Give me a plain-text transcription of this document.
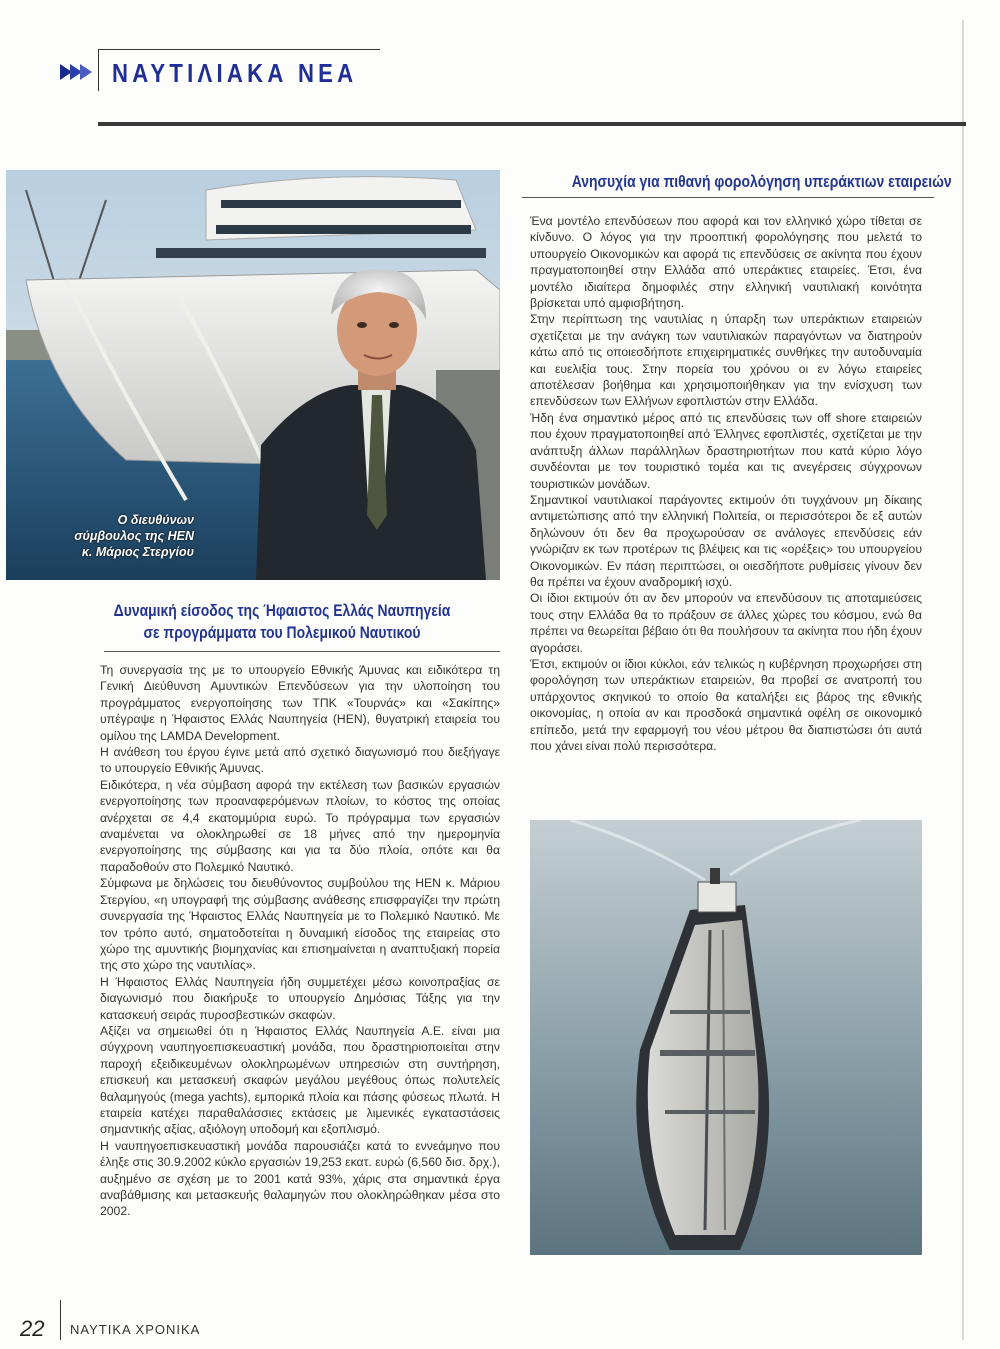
ΝΑΥΤΙΛΙΑΚΑ ΝΕΑ
Ο διευθύνων
σύμβουλος της HEN
κ. Μάριος Στεργίου
Δυναμική είσοδος της Ήφαιστος Ελλάς Ναυπηγεία
σε προγράμματα του Πολεμικού Ναυτικού

Τη συνεργασία της με το υπουργείο Εθνικής Άμυνας και ειδικότερα τη Γενική Διεύθυνση Αμυντικών Επενδύσεων για την υλοποίηση του προγράμματος ενεργοποίησης των ΤΠΚ «Τουρνάς» και «Σακίπης» υπέγραψε η Ήφαιστος Ελλάς Ναυπηγεία (HEN), θυγατρική εταιρεία του ομίλου της LAMDA Development.

Η ανάθεση του έργου έγινε μετά από σχετικό διαγωνισμό που διεξήγαγε το υπουργείο Εθνικής Άμυνας.

Ειδικότερα, η νέα σύμβαση αφορά την εκτέλεση των βασικών εργασιών ενεργοποίησης των προαναφερόμενων πλοίων, το κόστος της οποίας ανέρχεται σε 4,4 εκατομμύρια ευρώ. Το πρόγραμμα των εργασιών αναμένεται να ολοκληρωθεί σε 18 μήνες από την ημερομηνία ενεργοποίησης της σύμβασης και για τα δύο πλοία, οπότε και θα παραδοθούν στο Πολεμικό Ναυτικό.

Σύμφωνα με δηλώσεις του διευθύνοντος συμβούλου της HEN κ. Μάριου Στεργίου, «η υπογραφή της σύμβασης ανάθεσης επισφραγίζει την πρώτη συνεργασία της Ήφαιστος Ελλάς Ναυπηγεία με το Πολεμικό Ναυτικό. Με τον τρόπο αυτό, σηματοδοτείται η δυναμική είσοδος της εταιρείας στο χώρο της αμυντικής βιομηχανίας και επισημαίνεται η αναπτυξιακή πορεία της στο χώρο της ναυτιλίας».

Η Ήφαιστος Ελλάς Ναυπηγεία ήδη συμμετέχει μέσω κοινοπραξίας σε διαγωνισμό που διακήρυξε το υπουργείο Δημόσιας Τάξης για την κατασκευή σειράς πυροσβεστικών σκαφών.

Αξίζει να σημειωθεί ότι η Ήφαιστος Ελλάς Ναυπηγεία Α.Ε. είναι μια σύγχρονη ναυπηγοεπισκευαστική μονάδα, που δραστηριοποιείται στην παροχή εξειδικευμένων ολοκληρωμένων υπηρεσιών στη συντήρηση, επισκευή και μετασκευή σκαφών μεγάλου μεγέθους όπως πολυτελείς θαλαμηγούς (mega yachts), εμπορικά πλοία και πάσης φύσεως πλωτά. Η εταιρεία κατέχει παραθαλάσσιες εκτάσεις με λιμενικές εγκαταστάσεις σημαντικής αξίας, αξιόλογη υποδομή και εξοπλισμό.

Η ναυπηγοεπισκευαστική μονάδα παρουσιάζει κατά το εννεάμηνο που έληξε στις 30.9.2002 κύκλο εργασιών 19,253 εκατ. ευρώ (6,560 δισ. δρχ.), αυξημένο σε σχέση με το 2001 κατά 93%, χάρις στα σημαντικά έργα αναβάθμισης και μετασκευής θαλαμηγών που ολοκληρώθηκαν μέσα στο 2002.

Ανησυχία για πιθανή φορολόγηση υπεράκτιων εταιρειών

Ένα μοντέλο επενδύσεων που αφορά και τον ελληνικό χώρο τίθεται σε κίνδυνο. Ο λόγος για την προοπτική φορολόγησης που μελετά το υπουργείο Οικονομικών και αφορά τις επενδύσεις σε ακίνητα που έχουν πραγματοποιηθεί στην Ελλάδα από υπεράκτιες εταιρείες. Έτσι, ένα μοντέλο ιδιαίτερα δημοφιλές στην ελληνική ναυτιλιακή κοινότητα βρίσκεται υπό αμφισβήτηση.

Στην περίπτωση της ναυτιλίας η ύπαρξη των υπεράκτιων εταιρειών σχετίζεται με την ανάγκη των ναυτιλιακών παραγόντων να διατηρούν κάτω από τις οποιεσδήποτε επιχειρηματικές συνθήκες την αυτοδυναμία και ευελιξία τους. Στην πορεία του χρόνου οι εν λόγω εταιρείες αποτέλεσαν βοήθημα και χρησιμοποιήθηκαν για την ενίσχυση των επενδύσεων των Ελλήνων εφοπλιστών στην Ελλάδα.

Ήδη ένα σημαντικό μέρος από τις επενδύσεις των off shore εταιρειών που έχουν πραγματοποιηθεί από Έλληνες εφοπλιστές, σχετίζεται με την ανάπτυξη άλλων παράλληλων δραστηριοτήτων που κατά κύριο λόγο συνδέονται με τον τουριστικό τομέα και τις ανεγέρσεις σύγχρονων τουριστικών μονάδων.

Σημαντικοί ναυτιλιακοί παράγοντες εκτιμούν ότι τυγχάνουν μη δίκαιης αντιμετώπισης από την ελληνική Πολιτεία, οι περισσότεροι δε εξ αυτών δηλώνουν ότι δεν θα προχωρούσαν σε ανάλογες επενδύσεις εάν γνώριζαν εκ των προτέρων τις βλέψεις και τις «ορέξεις» του υπουργείου Οικονομικών. Εν πάση περιπτώσει, οι οιεσδήποτε ρυθμίσεις γίνουν δεν θα πρέπει να έχουν αναδρομική ισχύ.

Οι ίδιοι εκτιμούν ότι αν δεν μπορούν να επενδύσουν τις αποταμιεύσεις τους στην Ελλάδα θα το πράξουν σε άλλες χώρες του κόσμου, ενώ θα πρέπει να θεωρείται βέβαιο ότι θα πουλήσουν τα ακίνητα που ήδη έχουν αγοράσει.

Έτσι, εκτιμούν οι ίδιοι κύκλοι, εάν τελικώς η κυβέρνηση προχωρήσει στη φορολόγηση των υπεράκτιων εταιρειών, θα προβεί σε ανατροπή του υπάρχοντος σκηνικού το οποίο θα καταλήξει εις βάρος της εθνικής οικονομίας, η οποία αν και προσδοκά σημαντικά οφέλη σε οικονομικό επίπεδο, μετά την εφαρμογή του νέου μέτρου θα διαπιστώσει ότι αυτά που χάνει είναι πολύ περισσότερα.

22 ΝΑΥΤΙΚΑ ΧΡΟΝΙΚΑ
